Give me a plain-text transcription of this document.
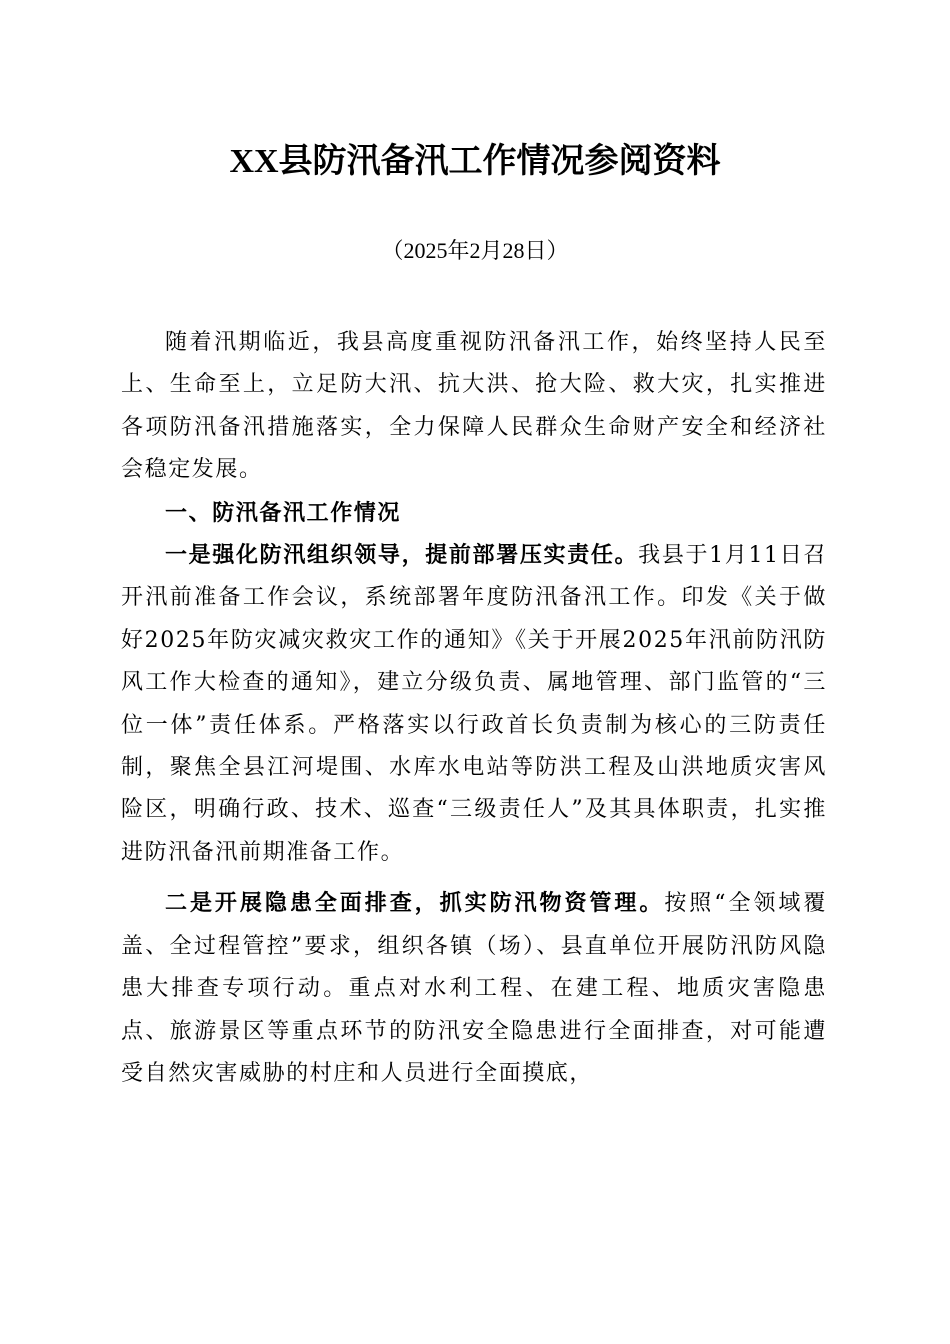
XX县防汛备汛工作情况参阅资料

（2025年2月28日）

随着汛期临近，我县高度重视防汛备汛工作，始终坚持人民至上、生命至上，立足防大汛、抗大洪、抢大险、救大灾，扎实推进各项防汛备汛措施落实，全力保障人民群众生命财产安全和经济社会稳定发展。

一、防汛备汛工作情况

一是强化防汛组织领导，提前部署压实责任。我县于1月11日召开汛前准备工作会议，系统部署年度防汛备汛工作。印发《关于做好2025年防灾减灾救灾工作的通知》《关于开展2025年汛前防汛防风工作大检查的通知》，建立分级负责、属地管理、部门监管的“三位一体”责任体系。严格落实以行政首长负责制为核心的三防责任制，聚焦全县江河堤围、水库水电站等防洪工程及山洪地质灾害风险区，明确行政、技术、巡查“三级责任人”及其具体职责，扎实推进防汛备汛前期准备工作。

二是开展隐患全面排查，抓实防汛物资管理。按照“全领域覆盖、全过程管控”要求，组织各镇（场）、县直单位开展防汛防风隐患大排查专项行动。重点对水利工程、在建工程、地质灾害隐患点、旅游景区等重点环节的防汛安全隐患进行全面排查，对可能遭受自然灾害威胁的村庄和人员进行全面摸底，
